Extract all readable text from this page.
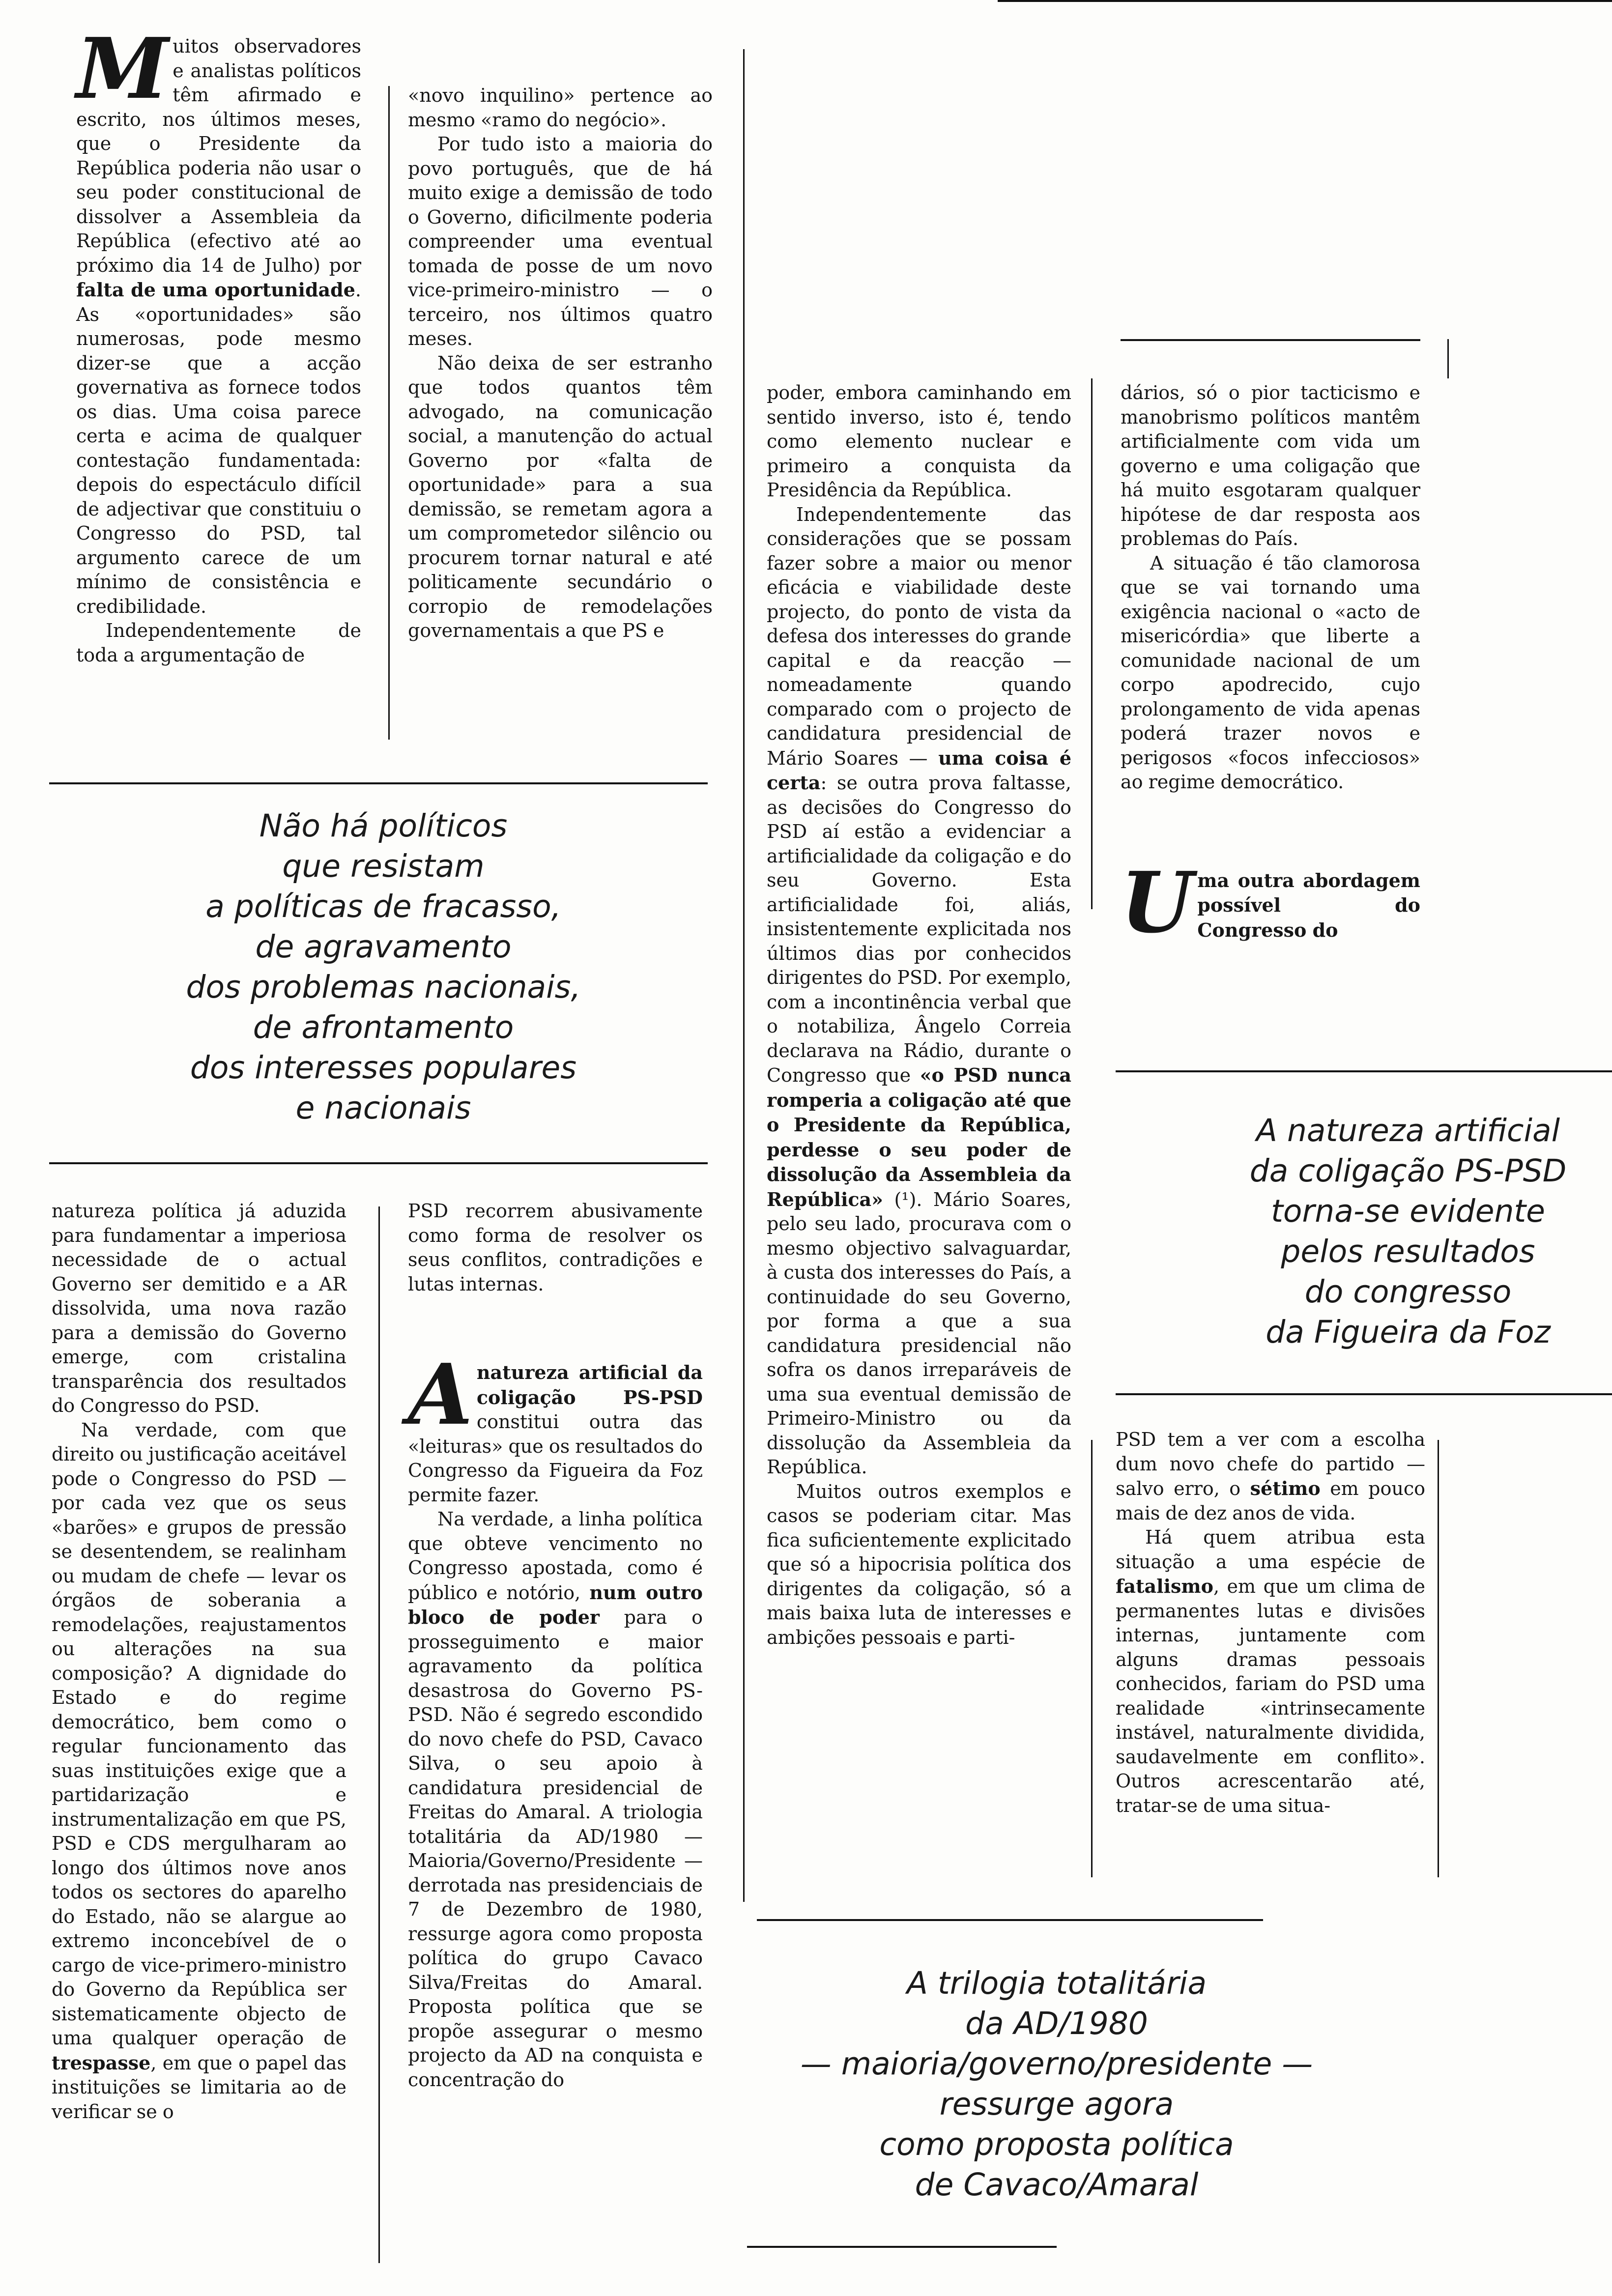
Muitos observadores e analistas políticos têm afirmado e escrito, nos últimos meses, que o Presidente da República poderia não usar o seu poder constitucional de dissolver a Assembleia da República (efectivo até ao próximo dia 14 de Julho) por falta de uma oportunidade. As «oportunidades» são numerosas, pode mesmo dizer-se que a acção governativa as fornece todos os dias. Uma coisa parece certa e acima de qualquer contestação fundamentada: depois do espectáculo difícil de adjectivar que constituiu o Congresso do PSD, tal argumento carece de um mínimo de consistência e credibilidade.

Independentemente de toda a argumentação de

«novo inquilino» pertence ao mesmo «ramo do negócio».

Por tudo isto a maioria do povo português, que de há muito exige a demissão de todo o Governo, dificilmente poderia compreender uma eventual tomada de posse de um novo vice-primeiro-ministro — o terceiro, nos últimos quatro meses.

Não deixa de ser estranho que todos quantos têm advogado, na comunicação social, a manutenção do actual Governo por «falta de oportunidade» para a sua demissão, se remetam agora a um comprometedor silêncio ou procurem tornar natural e até politicamente secundário o corropio de remodelações governamentais a que PS e

Não há políticos
que resistam
a políticas de fracasso,
de agravamento
dos problemas nacionais,
de afrontamento
dos interesses populares
e nacionais

natureza política já aduzida para fundamentar a imperiosa necessidade de o actual Governo ser demitido e a AR dissolvida, uma nova razão para a demissão do Governo emerge, com cristalina transparência dos resultados do Congresso do PSD.

Na verdade, com que direito ou justificação aceitável pode o Congresso do PSD — por cada vez que os seus «barões» e grupos de pressão se desentendem, se realinham ou mudam de chefe — levar os órgãos de soberania a remodelações, reajustamentos ou alterações na sua composição? A dignidade do Estado e do regime democrático, bem como o regular funcionamento das suas instituições exige que a partidarização e instrumentalização em que PS, PSD e CDS mergulharam ao longo dos últimos nove anos todos os sectores do aparelho do Estado, não se alargue ao extremo inconcebível de o cargo de vice-primero-ministro do Governo da República ser sistematicamente objecto de uma qualquer operação de trespasse, em que o papel das instituições se limitaria ao de verificar se o

PSD recorrem abusivamente como forma de resolver os seus conflitos, contradições e lutas internas.

Anatureza artificial da coligação PS-PSD constitui outra das «leituras» que os resultados do Congresso da Figueira da Foz permite fazer.

Na verdade, a linha política que obteve vencimento no Congresso apostada, como é público e notório, num outro bloco de poder para o prosseguimento e maior agravamento da política desastrosa do Governo PS-PSD. Não é segredo escondido do novo chefe do PSD, Cavaco Silva, o seu apoio à candidatura presidencial de Freitas do Amaral. A triologia totalitária da AD/1980 — Maioria/Governo/Presidente — derrotada nas presidenciais de 7 de Dezembro de 1980, ressurge agora como proposta política do grupo Cavaco Silva/Freitas do Amaral. Proposta política que se propõe assegurar o mesmo projecto da AD na conquista e concentração do

poder, embora caminhando em sentido inverso, isto é, tendo como elemento nuclear e primeiro a conquista da Presidência da República.

Independentemente das considerações que se possam fazer sobre a maior ou menor eficácia e viabilidade deste projecto, do ponto de vista da defesa dos interesses do grande capital e da reacção — nomeadamente quando comparado com o projecto de candidatura presidencial de Mário Soares — uma coisa é certa: se outra prova faltasse, as decisões do Congresso do PSD aí estão a evidenciar a artificialidade da coligação e do seu Governo. Esta artificialidade foi, aliás, insistentemente explicitada nos últimos dias por conhecidos dirigentes do PSD. Por exemplo, com a incontinência verbal que o notabiliza, Ângelo Correia declarava na Rádio, durante o Congresso que «o PSD nunca romperia a coligação até que o Presidente da República, perdesse o seu poder de dissolução da Assembleia da República» (¹). Mário Soares, pelo seu lado, procurava com o mesmo objectivo salvaguardar, à custa dos interesses do País, a continuidade do seu Governo, por forma a que a sua candidatura presidencial não sofra os danos irreparáveis de uma sua eventual demissão de Primeiro-Ministro ou da dissolução da Assembleia da República.

Muitos outros exemplos e casos se poderiam citar. Mas fica suficientemente explicitado que só a hipocrisia política dos dirigentes da coligação, só a mais baixa luta de interesses e ambições pessoais e parti-

dários, só o pior tacticismo e manobrismo políticos mantêm artificialmente com vida um governo e uma coligação que há muito esgotaram qualquer hipótese de dar resposta aos problemas do País.

A situação é tão clamorosa que se vai tornando uma exigência nacional o «acto de misericórdia» que liberte a comunidade nacional de um corpo apodrecido, cujo prolongamento de vida apenas poderá trazer novos e perigosos «focos infecciosos» ao regime democrático.

Uma outra abordagem possível do Congresso do

A natureza artificial
da coligação PS-PSD
torna-se evidente
pelos resultados
do congresso
da Figueira da Foz

PSD tem a ver com a escolha dum novo chefe do partido — salvo erro, o sétimo em pouco mais de dez anos de vida.

Há quem atribua esta situação a uma espécie de fatalismo, em que um clima de permanentes lutas e divisões internas, juntamente com alguns dramas pessoais conhecidos, fariam do PSD uma realidade «intrinsecamente instável, naturalmente dividida, saudavelmente em conflito». Outros acrescentarão até, tratar-se de uma situa-

A trilogia totalitária
da AD/1980
— maioria/governo/presidente —
ressurge agora
como proposta política
de Cavaco/Amaral
